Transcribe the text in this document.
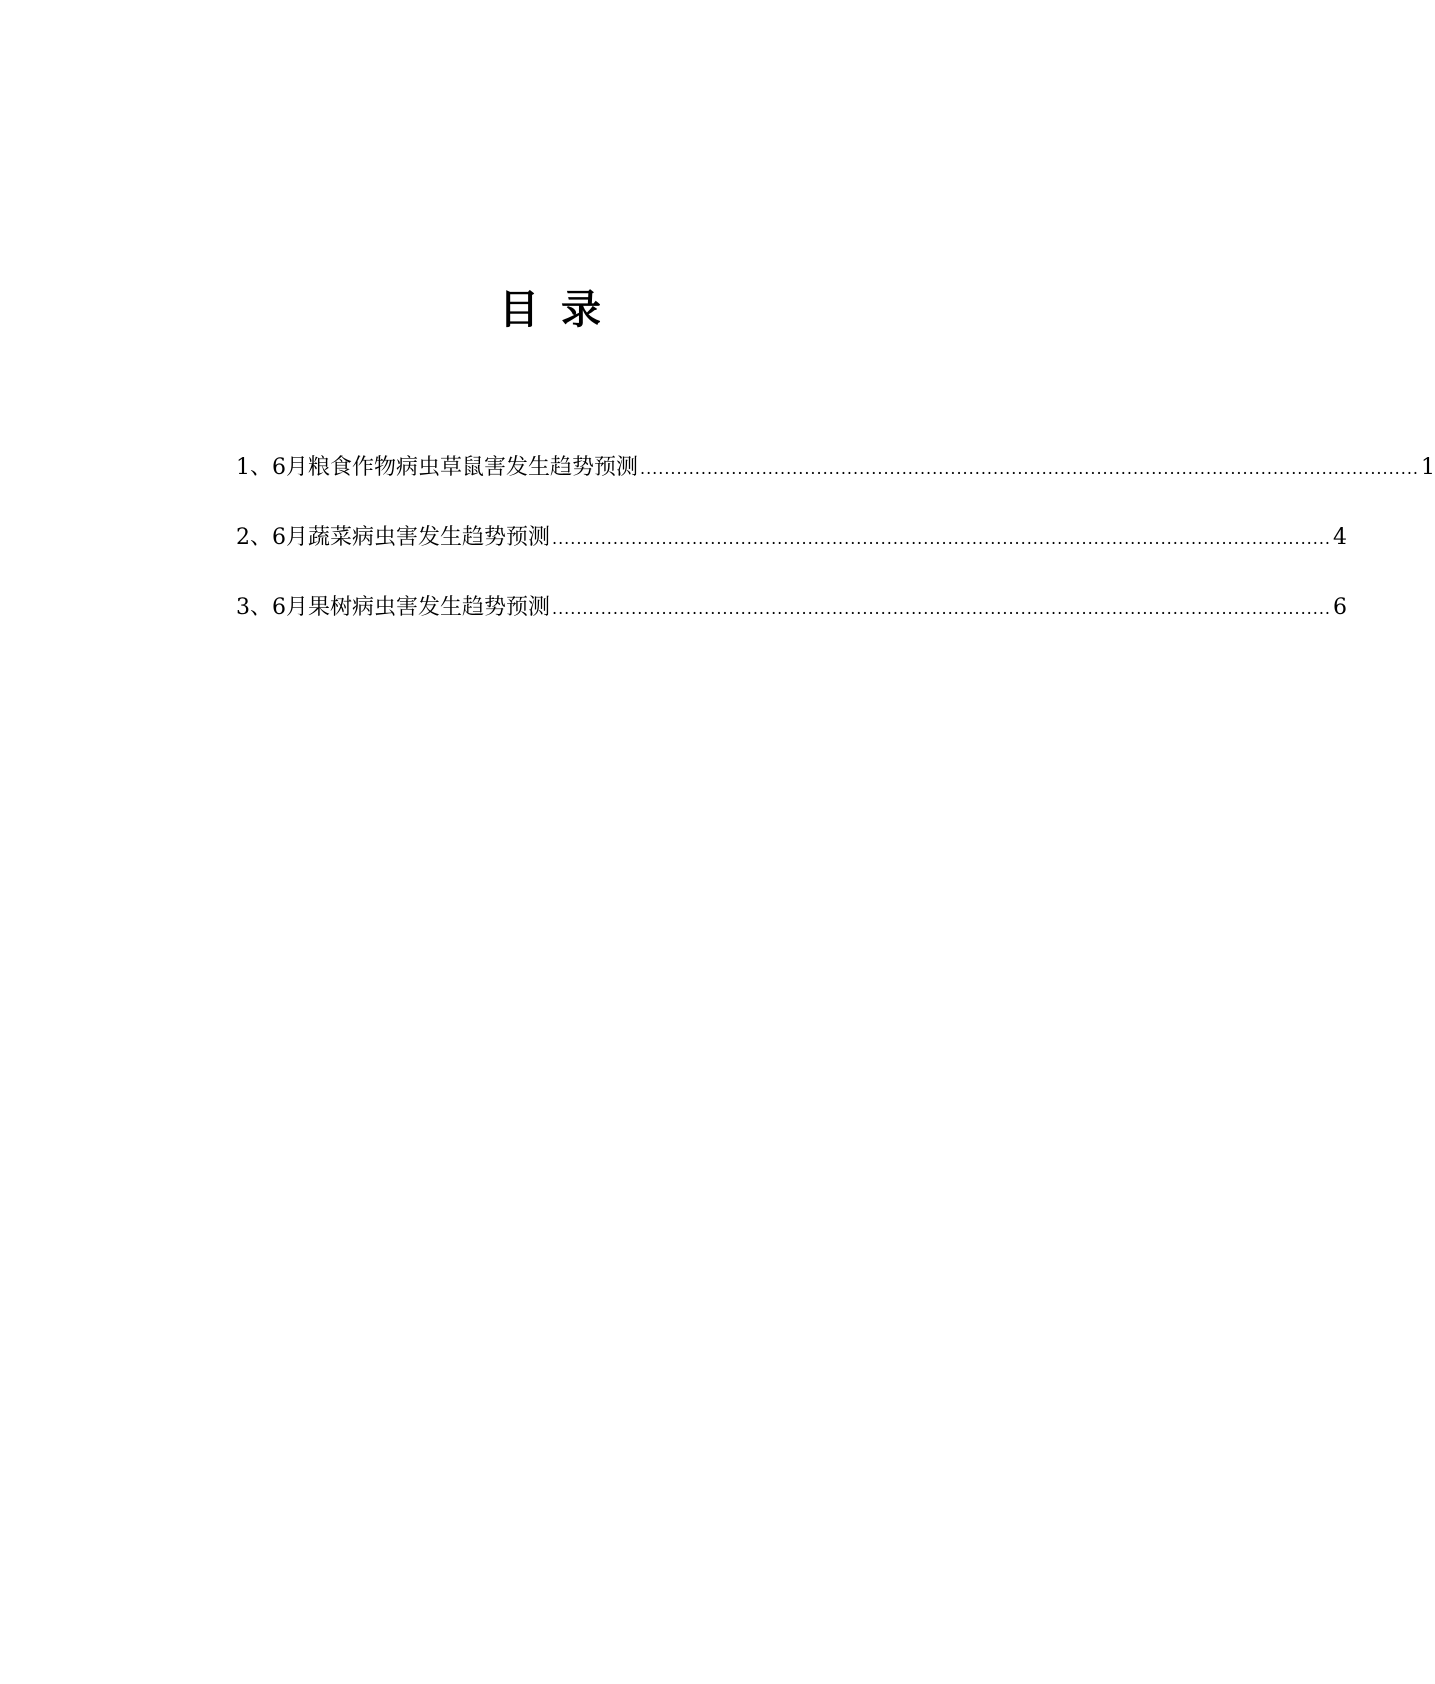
目 录
1、 6月粮食作物病虫草鼠害发生趋势预测 ................................................................................................................................ 1
2、 6月蔬菜病虫害发生趋势预测 ................................................................................................................................ 4
3、 6月果树病虫害发生趋势预测 ................................................................................................................................ 6
